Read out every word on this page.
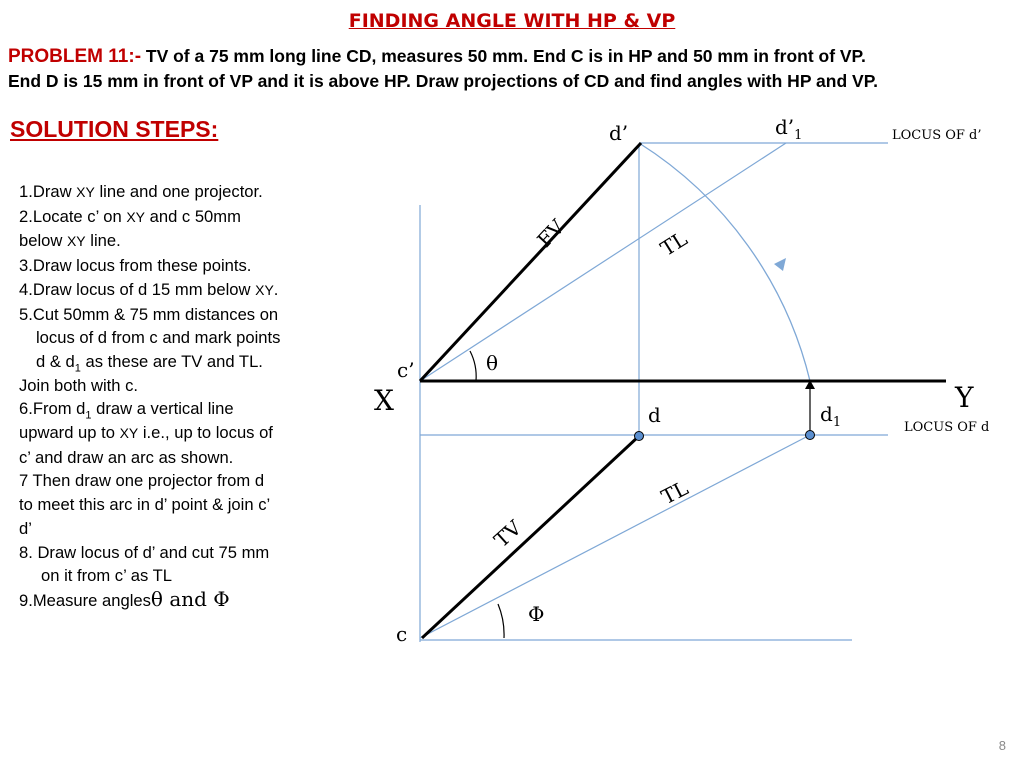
FINDING ANGLE WITH HP & VP
PROBLEM 11:- TV of a 75 mm long line CD, measures 50 mm. End C is in HP and 50 mm in front of VP.
End D is 15 mm in front of VP and it is above HP. Draw projections of CD and find angles with HP and VP.
SOLUTION STEPS:
1.Draw XY line and one projector.
2.Locate c’ on XY and c 50mm
below XY line.
3.Draw locus from these points.
4.Draw locus of d 15 mm below XY.
5.Cut 50mm & 75 mm distances on
locus of d from c and mark points
d & $d_1$ as these are TV and TL.
Join both with c.
6.From $d_1$ draw a vertical line
upward up to XY i.e., up to locus of
c’ and draw an arc as shown.
7 Then draw one projector from d
to meet this arc in d’ point & join c’
d’
8. Draw locus of d’ and cut 75 mm
on it from c’ as TL
9.Measure anglesθ and Φ
d’	$d’_1$	LOCUS OF d’
FV	TL
c’	θ
X	Y
d	$d_1$	LOCUS OF d
TL
TV
Φ
c
8
